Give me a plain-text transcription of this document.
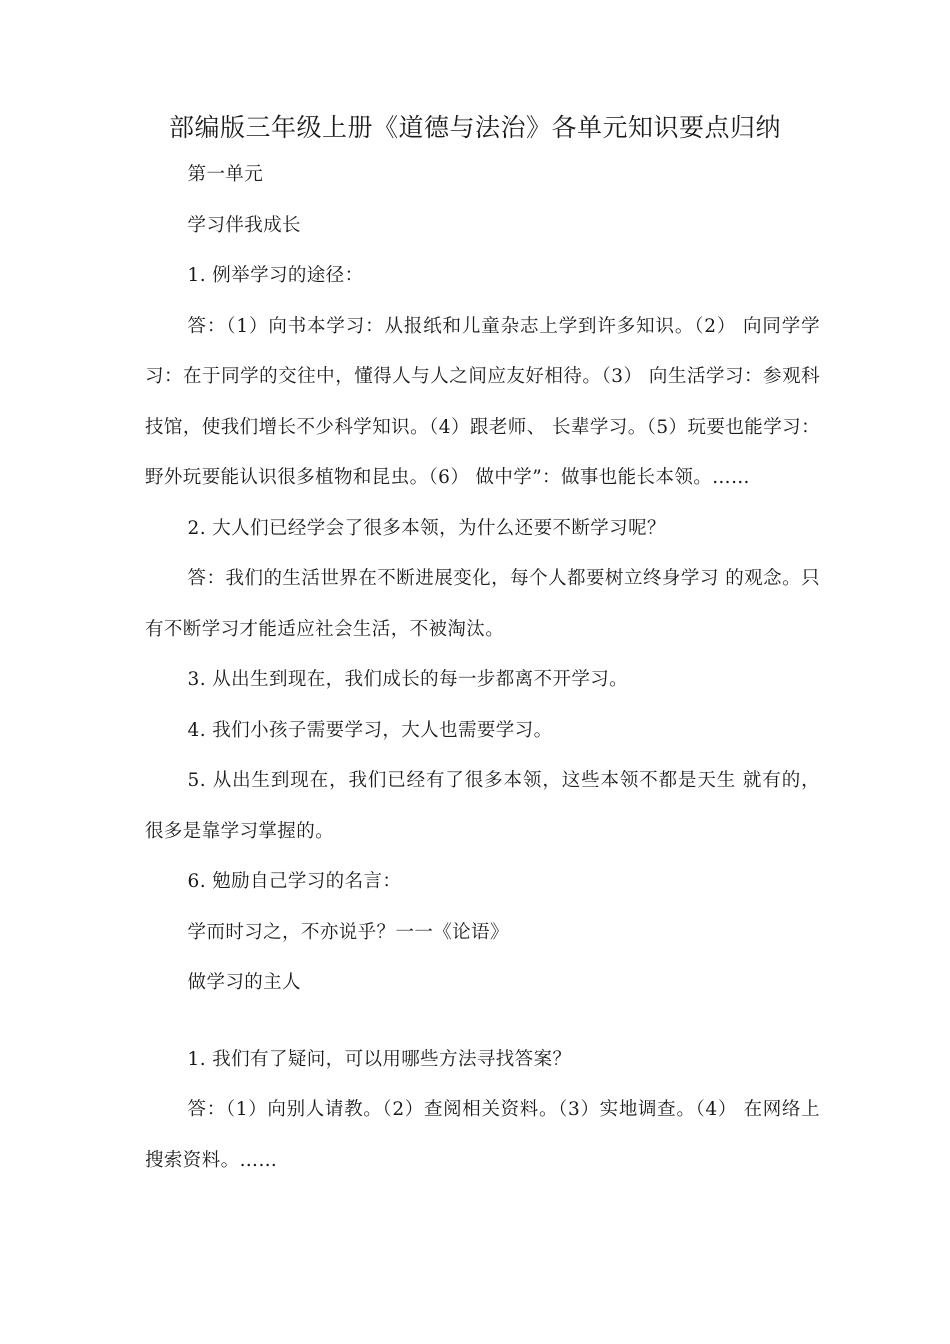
部编版三年级上册《道德与法治》各单元知识要点归纳

第一单元

学习伴我成长

1. 例举学习的途径：

答：（1）向书本学习：从报纸和儿童杂志上学到许多知识。（2） 向同学学习：在于同学的交往中，懂得人与人之间应友好相待。（3） 向生活学习：参观科技馆，使我们增长不少科学知识。（4）跟老师、 长辈学习。（5）玩要也能学习：野外玩要能认识很多植物和昆虫。（6） 做中学”：做事也能长本领。……

2. 大人们已经学会了很多本领，为什么还要不断学习呢？

答：我们的生活世界在不断进展变化，每个人都要树立终身学习 的观念。只有不断学习才能适应社会生活，不被淘汰。

3. 从出生到现在，我们成长的每一步都离不开学习。

4. 我们小孩子需要学习，大人也需要学习。

5. 从出生到现在，我们已经有了很多本领，这些本领不都是天生 就有的，很多是靠学习掌握的。

6. 勉励自己学习的名言：

学而时习之，不亦说乎？一一《论语》

做学习的主人

1. 我们有了疑问，可以用哪些方法寻找答案？

答：（1）向别人请教。（2）查阅相关资料。（3）实地调查。（4） 在网络上搜索资料。……
